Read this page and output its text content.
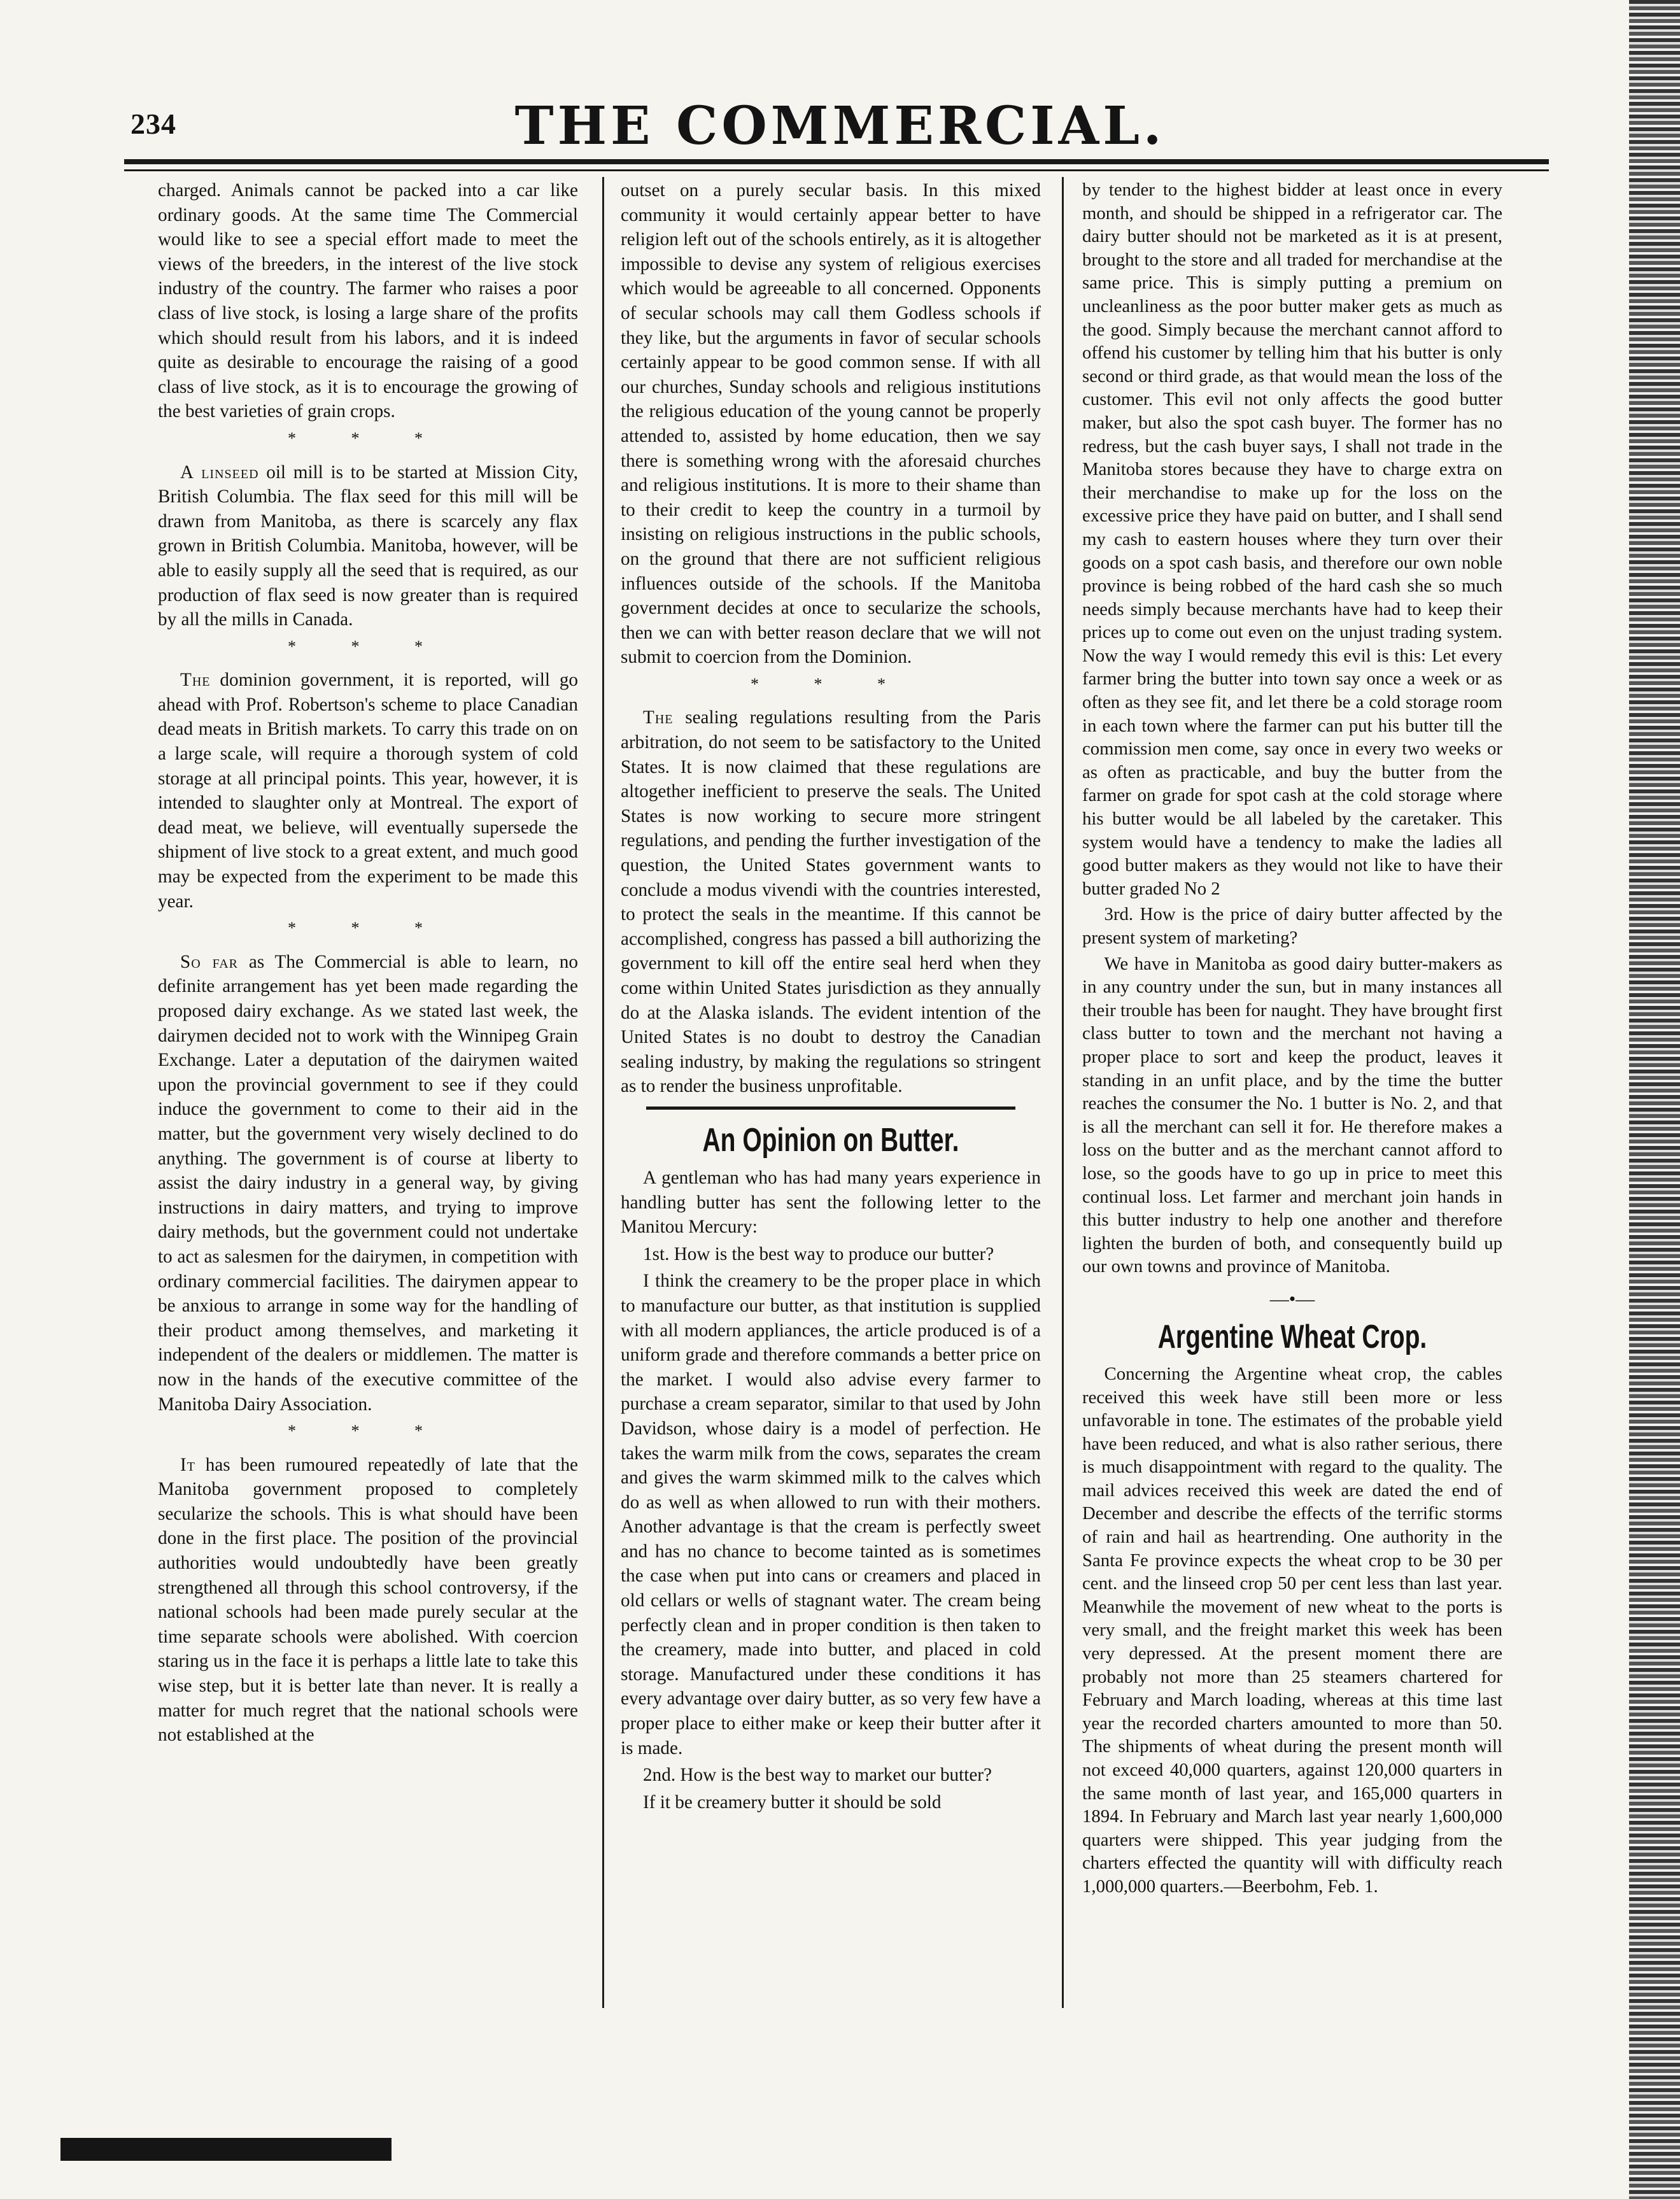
234	THE COMMERCIAL.

charged. Animals cannot be packed into a car like ordinary goods. At the same time The Commercial would like to see a special effort made to meet the views of the breeders, in the interest of the live stock industry of the country. The farmer who raises a poor class of live stock, is losing a large share of the profits which should result from his labors, and it is indeed quite as desirable to encourage the raising of a good class of live stock, as it is to encourage the growing of the best varieties of grain crops.

* * *

A linseed oil mill is to be started at Mission City, British Columbia. The flax seed for this mill will be drawn from Manitoba, as there is scarcely any flax grown in British Columbia. Manitoba, however, will be able to easily supply all the seed that is required, as our production of flax seed is now greater than is required by all the mills in Canada.

* * *

The dominion government, it is reported, will go ahead with Prof. Robertson's scheme to place Canadian dead meats in British markets. To carry this trade on on a large scale, will require a thorough system of cold storage at all principal points. This year, however, it is intended to slaughter only at Montreal. The export of dead meat, we believe, will eventually supersede the shipment of live stock to a great extent, and much good may be expected from the experiment to be made this year.

* * *

So far as The Commercial is able to learn, no definite arrangement has yet been made regarding the proposed dairy exchange. As we stated last week, the dairymen decided not to work with the Winnipeg Grain Exchange. Later a deputation of the dairymen waited upon the provincial government to see if they could induce the government to come to their aid in the matter, but the government very wisely declined to do anything. The government is of course at liberty to assist the dairy industry in a general way, by giving instructions in dairy matters, and trying to improve dairy methods, but the government could not undertake to act as salesmen for the dairymen, in competition with ordinary commercial facilities. The dairymen appear to be anxious to arrange in some way for the handling of their product among themselves, and marketing it independent of the dealers or middlemen. The matter is now in the hands of the executive committee of the Manitoba Dairy Association.

* * *

It has been rumoured repeatedly of late that the Manitoba government proposed to completely secularize the schools. This is what should have been done in the first place. The position of the provincial authorities would undoubtedly have been greatly strengthened all through this school controversy, if the national schools had been made purely secular at the time separate schools were abolished. With coercion staring us in the face it is perhaps a little late to take this wise step, but it is better late than never. It is really a matter for much regret that the national schools were not established at the

outset on a purely secular basis. In this mixed community it would certainly appear better to have religion left out of the schools entirely, as it is altogether impossible to devise any system of religious exercises which would be agreeable to all concerned. Opponents of secular schools may call them Godless schools if they like, but the arguments in favor of secular schools certainly appear to be good common sense. If with all our churches, Sunday schools and religious institutions the religious education of the young cannot be properly attended to, assisted by home education, then we say there is something wrong with the aforesaid churches and religious institutions. It is more to their shame than to their credit to keep the country in a turmoil by insisting on religious instructions in the public schools, on the ground that there are not sufficient religious influences outside of the schools. If the Manitoba government decides at once to secularize the schools, then we can with better reason declare that we will not submit to coercion from the Dominion.

* * *

The sealing regulations resulting from the Paris arbitration, do not seem to be satisfactory to the United States. It is now claimed that these regulations are altogether inefficient to preserve the seals. The United States is now working to secure more stringent regulations, and pending the further investigation of the question, the United States government wants to conclude a modus vivendi with the countries interested, to protect the seals in the meantime. If this cannot be accomplished, congress has passed a bill authorizing the government to kill off the entire seal herd when they come within United States jurisdiction as they annually do at the Alaska islands. The evident intention of the United States is no doubt to destroy the Canadian sealing industry, by making the regulations so stringent as to render the business unprofitable.

An Opinion on Butter.

A gentleman who has had many years experience in handling butter has sent the following letter to the Manitou Mercury:

1st. How is the best way to produce our butter?

I think the creamery to be the proper place in which to manufacture our butter, as that institution is supplied with all modern appliances, the article produced is of a uniform grade and therefore commands a better price on the market. I would also advise every farmer to purchase a cream separator, similar to that used by John Davidson, whose dairy is a model of perfection. He takes the warm milk from the cows, separates the cream and gives the warm skimmed milk to the calves which do as well as when allowed to run with their mothers. Another advantage is that the cream is perfectly sweet and has no chance to become tainted as is sometimes the case when put into cans or creamers and placed in old cellars or wells of stagnant water. The cream being perfectly clean and in proper condition is then taken to the creamery, made into butter, and placed in cold storage. Manufactured under these conditions it has every advantage over dairy butter, as so very few have a proper place to either make or keep their butter after it is made.

2nd. How is the best way to market our butter?

If it be creamery butter it should be sold

by tender to the highest bidder at least once in every month, and should be shipped in a refrigerator car. The dairy butter should not be marketed as it is at present, brought to the store and all traded for merchandise at the same price. This is simply putting a premium on uncleanliness as the poor butter maker gets as much as the good. Simply because the merchant cannot afford to offend his customer by telling him that his butter is only second or third grade, as that would mean the loss of the customer. This evil not only affects the good butter maker, but also the spot cash buyer. The former has no redress, but the cash buyer says, I shall not trade in the Manitoba stores because they have to charge extra on their merchandise to make up for the loss on the excessive price they have paid on butter, and I shall send my cash to eastern houses where they turn over their goods on a spot cash basis, and therefore our own noble province is being robbed of the hard cash she so much needs simply because merchants have had to keep their prices up to come out even on the unjust trading system. Now the way I would remedy this evil is this: Let every farmer bring the butter into town say once a week or as often as they see fit, and let there be a cold storage room in each town where the farmer can put his butter till the commission men come, say once in every two weeks or as often as practicable, and buy the butter from the farmer on grade for spot cash at the cold storage where his butter would be all labeled by the caretaker. This system would have a tendency to make the ladies all good butter makers as they would not like to have their butter graded No 2

3rd. How is the price of dairy butter affected by the present system of marketing?

We have in Manitoba as good dairy butter-makers as in any country under the sun, but in many instances all their trouble has been for naught. They have brought first class butter to town and the merchant not having a proper place to sort and keep the product, leaves it standing in an unfit place, and by the time the butter reaches the consumer the No. 1 butter is No. 2, and that is all the merchant can sell it for. He therefore makes a loss on the butter and as the merchant cannot afford to lose, so the goods have to go up in price to meet this continual loss. Let farmer and merchant join hands in this butter industry to help one another and therefore lighten the burden of both, and consequently build up our own towns and province of Manitoba.

—•—
Argentine Wheat Crop.

Concerning the Argentine wheat crop, the cables received this week have still been more or less unfavorable in tone. The estimates of the probable yield have been reduced, and what is also rather serious, there is much disappointment with regard to the quality. The mail advices received this week are dated the end of December and describe the effects of the terrific storms of rain and hail as heartrending. One authority in the Santa Fe province expects the wheat crop to be 30 per cent. and the linseed crop 50 per cent less than last year. Meanwhile the movement of new wheat to the ports is very small, and the freight market this week has been very depressed. At the present moment there are probably not more than 25 steamers chartered for February and March loading, whereas at this time last year the recorded charters amounted to more than 50. The shipments of wheat during the present month will not exceed 40,000 quarters, against 120,000 quarters in the same month of last year, and 165,000 quarters in 1894. In February and March last year nearly 1,600,000 quarters were shipped. This year judging from the charters effected the quantity will with difficulty reach 1,000,000 quarters.—Beerbohm, Feb. 1.
